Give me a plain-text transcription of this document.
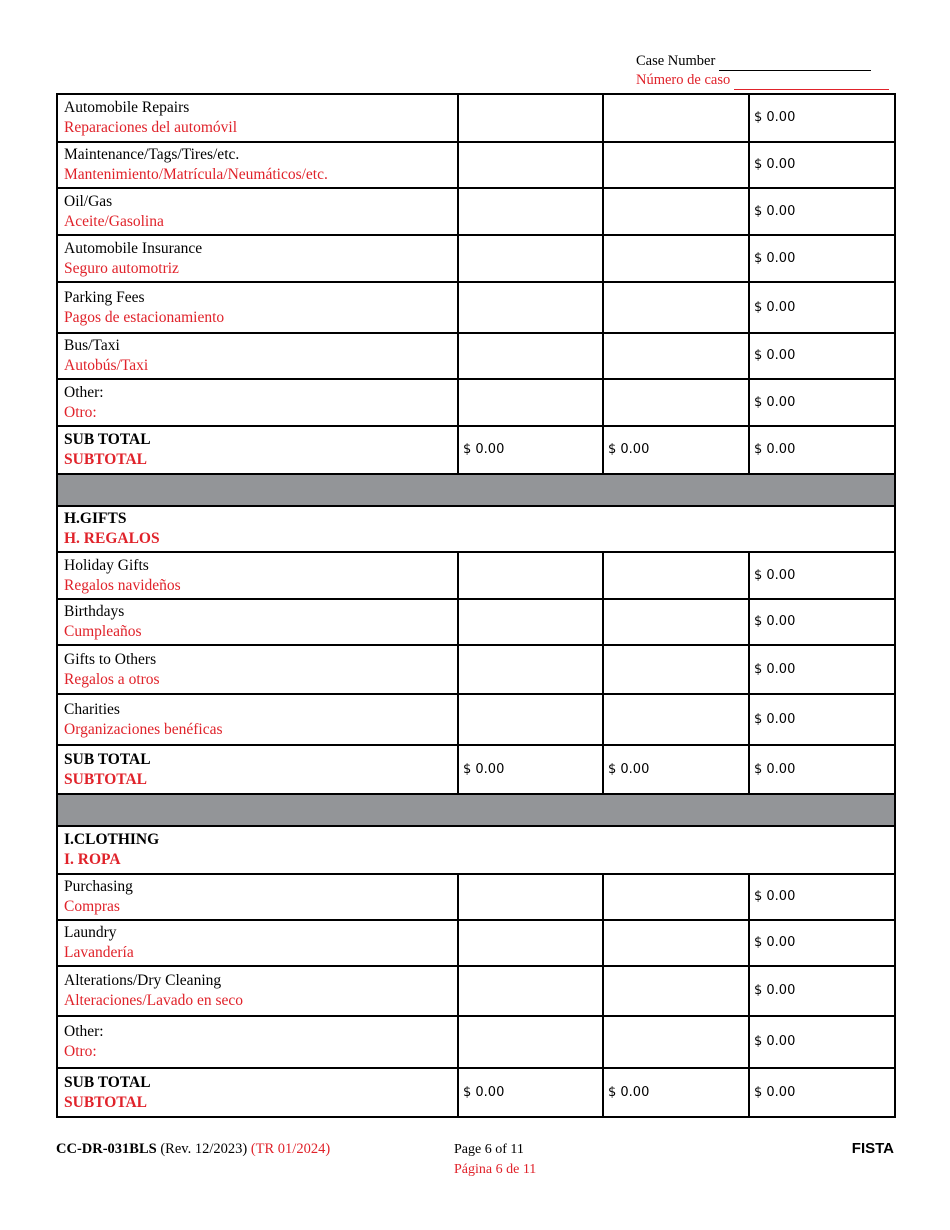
Case Number
Número de caso
Automobile Repairs
Reparaciones del automóvil			$ 0.00

Maintenance/Tags/Tires/etc.
Mantenimiento/Matrícula/Neumáticos/etc.			$ 0.00

Oil/Gas
Aceite/Gasolina			$ 0.00

Automobile Insurance
Seguro automotriz			$ 0.00

Parking Fees
Pagos de estacionamiento			$ 0.00

Bus/Taxi
Autobús/Taxi			$ 0.00

Other:
Otro:			$ 0.00

SUB TOTAL
SUBTOTAL	$ 0.00	$ 0.00	$ 0.00

H.GIFTS
H. REGALOS			

Holiday Gifts
Regalos navideños			$ 0.00

Birthdays
Cumpleaños			$ 0.00

Gifts to Others
Regalos a otros			$ 0.00

Charities
Organizaciones benéficas			$ 0.00

SUB TOTAL
SUBTOTAL	$ 0.00	$ 0.00	$ 0.00

I.CLOTHING
I. ROPA			

Purchasing
Compras			$ 0.00

Laundry
Lavandería			$ 0.00

Alterations/Dry Cleaning
Alteraciones/Lavado en seco			$ 0.00

Other:
Otro:			$ 0.00

SUB TOTAL
SUBTOTAL	$ 0.00	$ 0.00	$ 0.00
CC-DR-031BLS (Rev. 12/2023) (TR 01/2024)	Page 6 of 11
Página 6 de 11
FISTA
